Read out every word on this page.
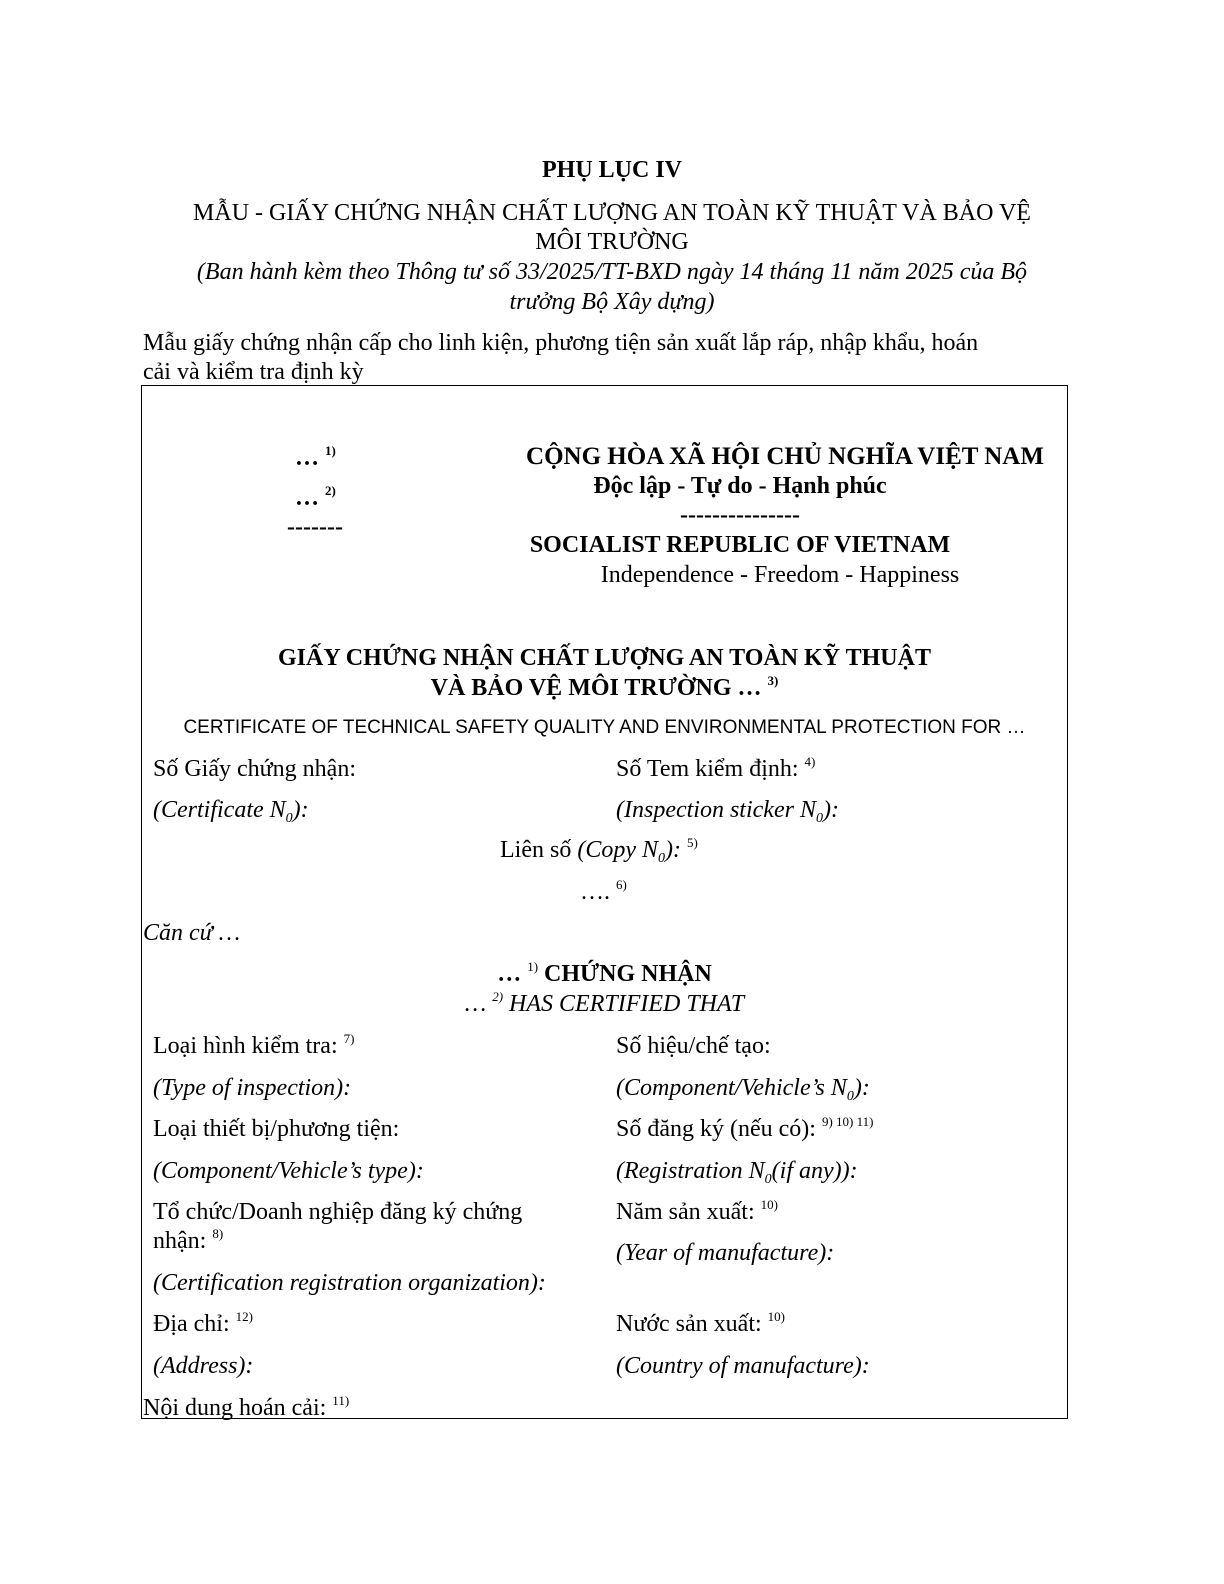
PHỤ LỤC IV
MẪU - GIẤY CHỨNG NHẬN CHẤT LƯỢNG AN TOÀN KỸ THUẬT VÀ BẢO VỆ
MÔI TRƯỜNG
(Ban hành kèm theo Thông tư số 33/2025/TT-BXD ngày 14 tháng 11 năm 2025 của Bộ
trưởng Bộ Xây dựng)
Mẫu giấy chứng nhận cấp cho linh kiện, phương tiện sản xuất lắp ráp, nhập khẩu, hoán
cải và kiểm tra định kỳ
… $^{1)}$
… $^{2)}$
-------
CỘNG HÒA XÃ HỘI CHỦ NGHĨA VIỆT NAM
Độc lập - Tự do - Hạnh phúc
---------------
SOCIALIST REPUBLIC OF VIETNAM
Independence - Freedom - Happiness
GIẤY CHỨNG NHẬN CHẤT LƯỢNG AN TOÀN KỸ THUẬT
VÀ BẢO VỆ MÔI TRƯỜNG … $^{3)}$
CERTIFICATE OF TECHNICAL SAFETY QUALITY AND ENVIRONMENTAL PROTECTION FOR …
Số Giấy chứng nhận:
(Certificate $N_0$):
Số Tem kiểm định: $^{4)}$
(Inspection sticker $N_0$):
Liên số (Copy $N_0$): $^{5)}$
…. $^{6)}$
Căn cứ …
… $^{1)}$ CHỨNG NHẬN
… $^{2)}$ HAS CERTIFIED THAT
Loại hình kiểm tra: $^{7)}$
(Type of inspection):
Loại thiết bị/phương tiện:
(Component/Vehicle’s type):
Tổ chức/Doanh nghiệp đăng ký chứng
nhận: $^{8)}$
(Certification registration organization):
Địa chỉ: $^{12)}$
(Address):
Số hiệu/chế tạo:
(Component/Vehicle’s $N_0$):
Số đăng ký (nếu có): $^{9) 10) 11)}$
(Registration $N_0(if$ any)):
Năm sản xuất: $^{10)}$
(Year of manufacture):
Nước sản xuất: $^{10)}$
(Country of manufacture):
Nội dung hoán cải: $^{11)}$
